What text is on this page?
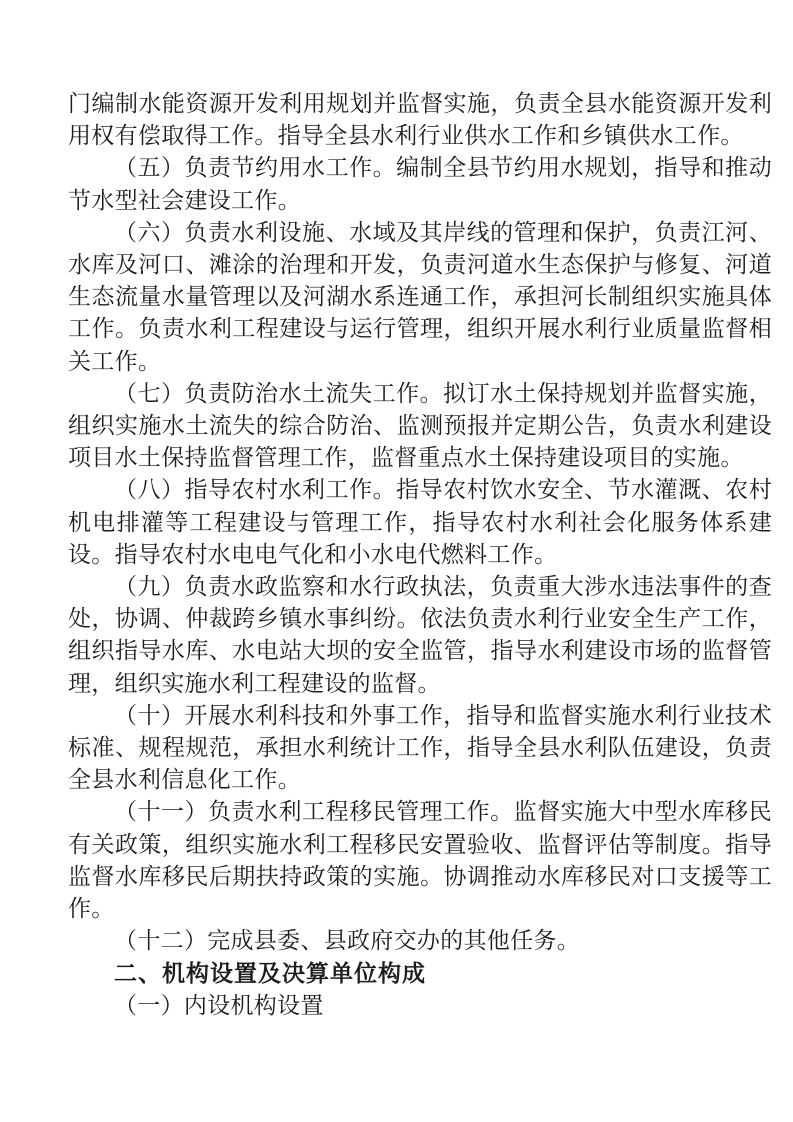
门编制水能资源开发利用规划并监督实施，负责全县水能资源开发利用权有偿取得工作。指导全县水利行业供水工作和乡镇供水工作。

（五）负责节约用水工作。编制全县节约用水规划，指导和推动节水型社会建设工作。

（六）负责水利设施、水域及其岸线的管理和保护，负责江河、水库及河口、滩涂的治理和开发，负责河道水生态保护与修复、河道生态流量水量管理以及河湖水系连通工作，承担河长制组织实施具体工作。负责水利工程建设与运行管理，组织开展水利行业质量监督相关工作。

（七）负责防治水土流失工作。拟订水土保持规划并监督实施，组织实施水土流失的综合防治、监测预报并定期公告，负责水利建设项目水土保持监督管理工作，监督重点水土保持建设项目的实施。

（八）指导农村水利工作。指导农村饮水安全、节水灌溉、农村机电排灌等工程建设与管理工作，指导农村水利社会化服务体系建设。指导农村水电电气化和小水电代燃料工作。

（九）负责水政监察和水行政执法，负责重大涉水违法事件的查处，协调、仲裁跨乡镇水事纠纷。依法负责水利行业安全生产工作，组织指导水库、水电站大坝的安全监管，指导水利建设市场的监督管理，组织实施水利工程建设的监督。

（十）开展水利科技和外事工作，指导和监督实施水利行业技术标准、规程规范，承担水利统计工作，指导全县水利队伍建设，负责全县水利信息化工作。

（十一）负责水利工程移民管理工作。监督实施大中型水库移民有关政策，组织实施水利工程移民安置验收、监督评估等制度。指导监督水库移民后期扶持政策的实施。协调推动水库移民对口支援等工作。

（十二）完成县委、县政府交办的其他任务。

二、机构设置及决算单位构成

（一）内设机构设置
